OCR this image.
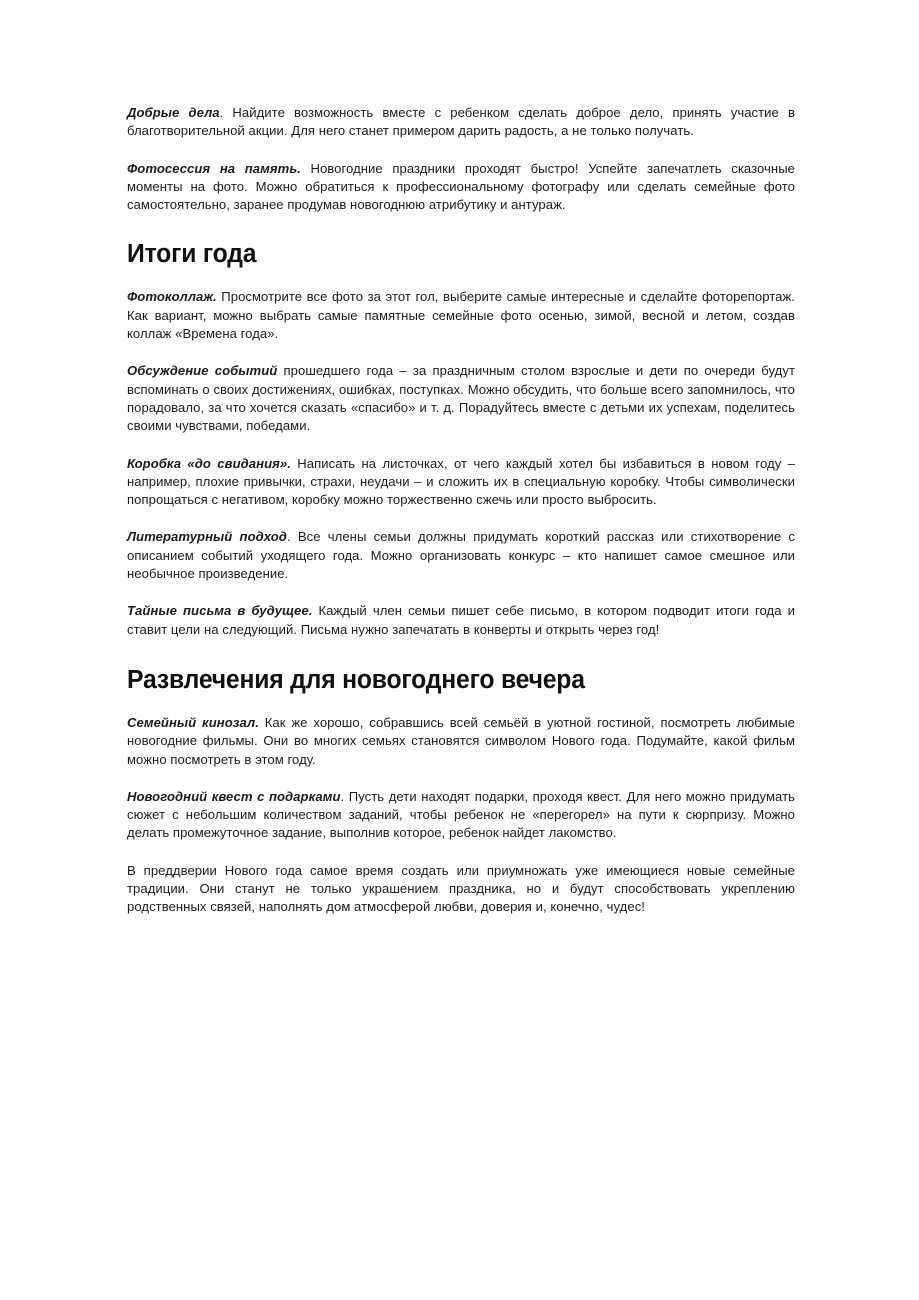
Добрые дела. Найдите возможность вместе с ребенком сделать доброе дело, принять участие в благотворительной акции. Для него станет примером дарить радость, а не только получать.

Фотосессия на память. Новогодние праздники проходят быстро! Успейте запечатлеть сказочные моменты на фото. Можно обратиться к профессиональному фотографу или сделать семейные фото самостоятельно, заранее продумав новогоднюю атрибутику и антураж.

Итоги года

Фотоколлаж. Просмотрите все фото за этот гол, выберите самые интересные и сделайте фоторепортаж. Как вариант, можно выбрать самые памятные семейные фото осенью, зимой, весной и летом, создав коллаж «Времена года».

Обсуждение событий прошедшего года – за праздничным столом взрослые и дети по очереди будут вспоминать о своих достижениях, ошибках, поступках. Можно обсудить, что больше всего запомнилось, что порадовало, за что хочется сказать «спасибо» и т. д. Порадуйтесь вместе с детьми их успехам, поделитесь своими чувствами, победами.

Коробка «до свидания». Написать на листочках, от чего каждый хотел бы избавиться в новом году – например, плохие привычки, страхи, неудачи – и сложить их в специальную коробку. Чтобы символически попрощаться с негативом, коробку можно торжественно сжечь или просто выбросить.

Литературный подход. Все члены семьи должны придумать короткий рассказ или стихотворение с описанием событий уходящего года. Можно организовать конкурс – кто напишет самое смешное или необычное произведение.

Тайные письма в будущее. Каждый член семьи пишет себе письмо, в котором подводит итоги года и ставит цели на следующий. Письма нужно запечатать в конверты и открыть через год!

Развлечения для новогоднего вечера

Семейный кинозал. Как же хорошо, собравшись всей семьёй в уютной гостиной, посмотреть любимые новогодние фильмы. Они во многих семьях становятся символом Нового года. Подумайте, какой фильм можно посмотреть в этом году.

Новогодний квест с подарками. Пусть дети находят подарки, проходя квест. Для него можно придумать сюжет с небольшим количеством заданий, чтобы ребенок не «перегорел» на пути к сюрпризу. Можно делать промежуточное задание, выполнив которое, ребенок найдет лакомство.

В преддверии Нового года самое время создать или приумножать уже имеющиеся новые семейные традиции. Они станут не только украшением праздника, но и будут способствовать укреплению родственных связей, наполнять дом атмосферой любви, доверия и, конечно, чудес!
